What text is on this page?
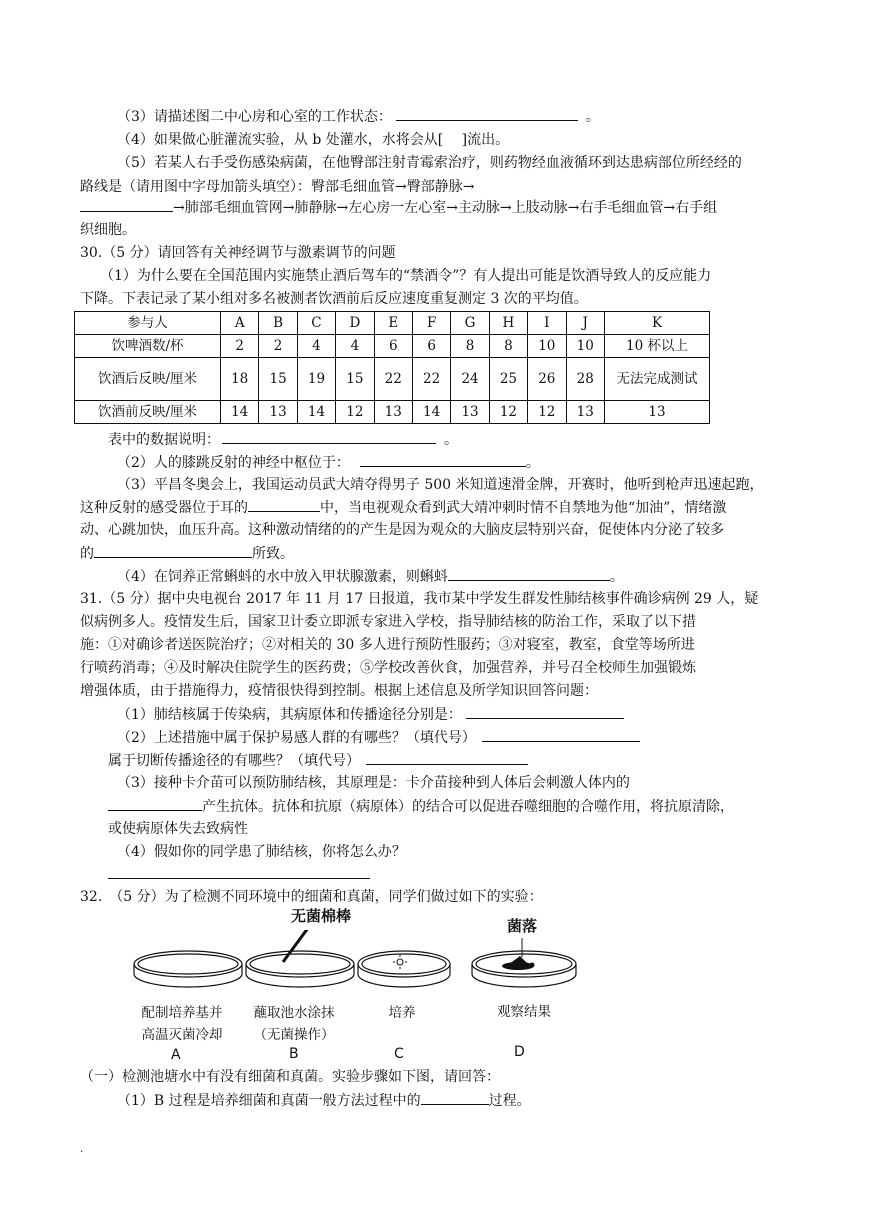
（3）请描述图二中心房和心室的工作状态：	。
（4）如果做心脏灌流实验，从 b 处灌水，水将会从[　 ]流出。
（5）若某人右手受伤感染病菌，在他臀部注射青霉索治疗，则药物经血液循环到达患病部位所经经的
路线是（请用图中字母加箭头填空）：臀部毛细血管→臀部静脉→
→肺部毛细血管网→肺静脉→左心房一左心室→主动脉→上肢动脉→右手毛细血管→右手组
织细胞。
30.（5 分）请回答有关神经调节与激素调节的问题
（1）为什么要在全国范围内实施禁止酒后驾车的“禁酒令”？有人提出可能是饮酒导致人的反应能力
下降。下表记录了某小组对多名被测者饮酒前后反应速度重复测定 3 次的平均值。
参与人	A	B	C	D	E	F	G	H	I	J	K
饮啤酒数/杯	2	2	4	4	6	6	8	8	10	10	10 杯以上
饮酒后反映/厘米	18	15	19	15	22	22	24	25	26	28	无法完成测试
饮酒前反映/厘米	14	13	14	12	13	14	13	12	12	13	13
表中的数据说明：	。
（2）人的膝跳反射的神经中枢位于：	。
（3）平昌冬奥会上，我国运动员武大靖夺得男子 500 米知道速滑金牌，开赛时，他听到枪声迅速起跑，
这种反射的感受器位于耳的	中，当电视观众看到武大靖冲刺时情不自禁地为他“加油”，情绪激
动、心跳加快，血压升高。这种激动情绪的的产生是因为观众的大脑皮层特别兴奋，促使体内分泌了较多
的	所致。
（4）在饲养正常蝌蚪的水中放入甲状腺激素，则蝌蚪	。
31.（5 分）据中央电视台 2017 年 11 月 17 日报道，我市某中学发生群发性肺结核事件确诊病例 29 人，疑
似病例多人。疫情发生后，国家卫计委立即派专家进入学校，指导肺结核的防治工作，采取了以下措
施：①对确诊者送医院治疗；②对相关的 30 多人进行预防性服药；③对寝室，教室，食堂等场所进
行喷药消毒；④及时解决住院学生的医药费；⑤学校改善伙食，加强营养，并号召全校师生加强锻炼
增强体质，由于措施得力，疫情很快得到控制。根据上述信息及所学知识回答问题：
（1）肺结核属于传染病，其病原体和传播途径分别是：
（2）上述措施中属于保护易感人群的有哪些？（填代号）
属于切断传播途径的有哪些？（填代号）
（3）接种卡介苗可以预防肺结核，其原理是：卡介苗接种到人体后会刺激人体内的
产生抗体。抗体和抗原（病原体）的结合可以促进吞噬细胞的合噬作用，将抗原清除，
或使病原体失去致病性
（4）假如你的同学患了肺结核，你将怎么办？
32.　（5 分）为了检测不同环境中的细菌和真菌，同学们做过如下的实验：
无菌棉棒
菌落
配制培养基并
高温灭菌冷却
蘸取池水涂抹
（无菌操作）
培养	观察结果
A	B	C	D
（一）检测池塘水中有没有细菌和真菌。实验步骤如下图，请回答：
（1）B 过程是培养细菌和真菌一般方法过程中的	过程。
.
